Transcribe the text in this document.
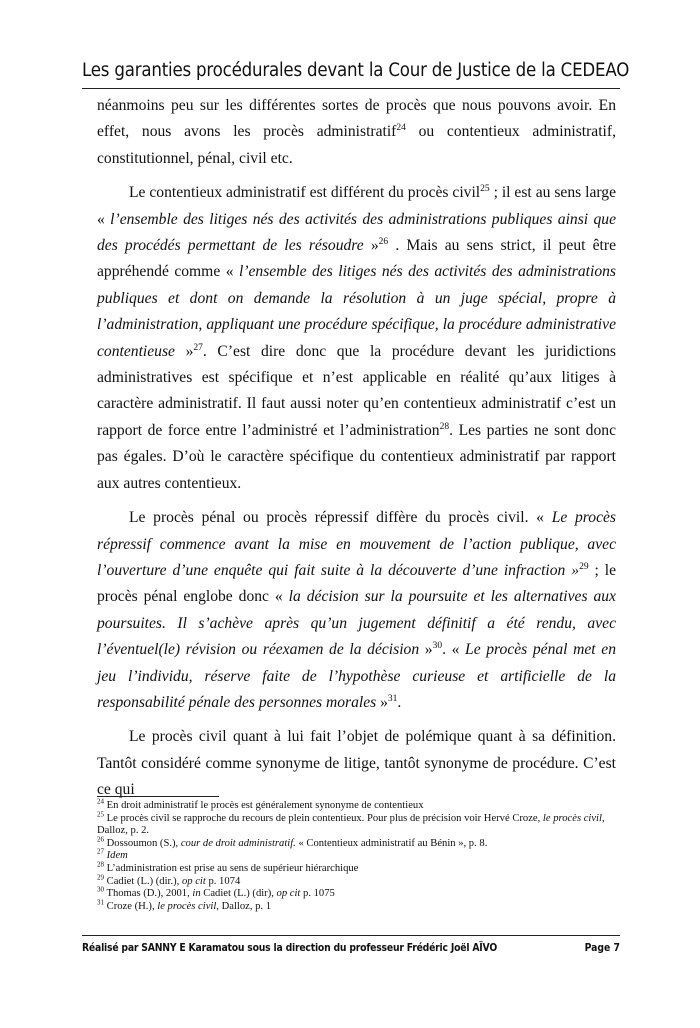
Les garanties procédurales devant la Cour de Justice de la CEDEAO

néanmoins peu sur les différentes sortes de procès que nous pouvons avoir. En effet, nous avons les procès administratif$^{24}$ ou contentieux administratif, constitutionnel, pénal, civil etc.

Le contentieux administratif est différent du procès civil$^{25}$ ; il est au sens large « l’ensemble des litiges nés des activités des administrations publiques ainsi que des procédés permettant de les résoudre »$^{26}$ . Mais au sens strict, il peut être appréhendé comme « l’ensemble des litiges nés des activités des administrations publiques et dont on demande la résolution à un juge spécial, propre à l’administration, appliquant une procédure spécifique, la procédure administrative contentieuse »$^{27}$. C’est dire donc que la procédure devant les juridictions administratives est spécifique et n’est applicable en réalité qu’aux litiges à caractère administratif. Il faut aussi noter qu’en contentieux administratif c’est un rapport de force entre l’administré et l’administration$^{28}$. Les parties ne sont donc pas égales. D’où le caractère spécifique du contentieux administratif par rapport aux autres contentieux.

Le procès pénal ou procès répressif diffère du procès civil. « Le procès répressif commence avant la mise en mouvement de l’action publique, avec l’ouverture d’une enquête qui fait suite à la découverte d’une infraction »$^{29}$ ; le procès pénal englobe donc « la décision sur la poursuite et les alternatives aux poursuites. Il s’achève après qu’un jugement définitif a été rendu, avec l’éventuel(le) révision ou réexamen de la décision »$^{30}$. « Le procès pénal met en jeu l’individu, réserve faite de l’hypothèse curieuse et artificielle de la responsabilité pénale des personnes morales »$^{31}$.

Le procès civil quant à lui fait l’objet de polémique quant à sa définition. Tantôt considéré comme synonyme de litige, tantôt synonyme de procédure. C’est ce qui

$^{24}$ En droit administratif le procès est généralement synonyme de contentieux

$^{25}$ Le procès civil se rapproche du recours de plein contentieux. Pour plus de précision voir Hervé Croze, le procès civil, Dalloz, p. 2.

$^{26}$ Dossoumon (S.), cour de droit administratif. « Contentieux administratif au Bénin », p. 8.

$^{27}$ Idem

$^{28}$ L’administration est prise au sens de supérieur hiérarchique

$^{29}$ Cadiet (L.) (dir.), op cit p. 1074

$^{30}$ Thomas (D.), 2001, in Cadiet (L.) (dir), op cit p. 1075

$^{31}$ Croze (H.), le procès civil, Dalloz, p. 1

Réalisé par SANNY E Karamatou sous la direction du professeur Frédéric Joël AÏVO	Page 7
